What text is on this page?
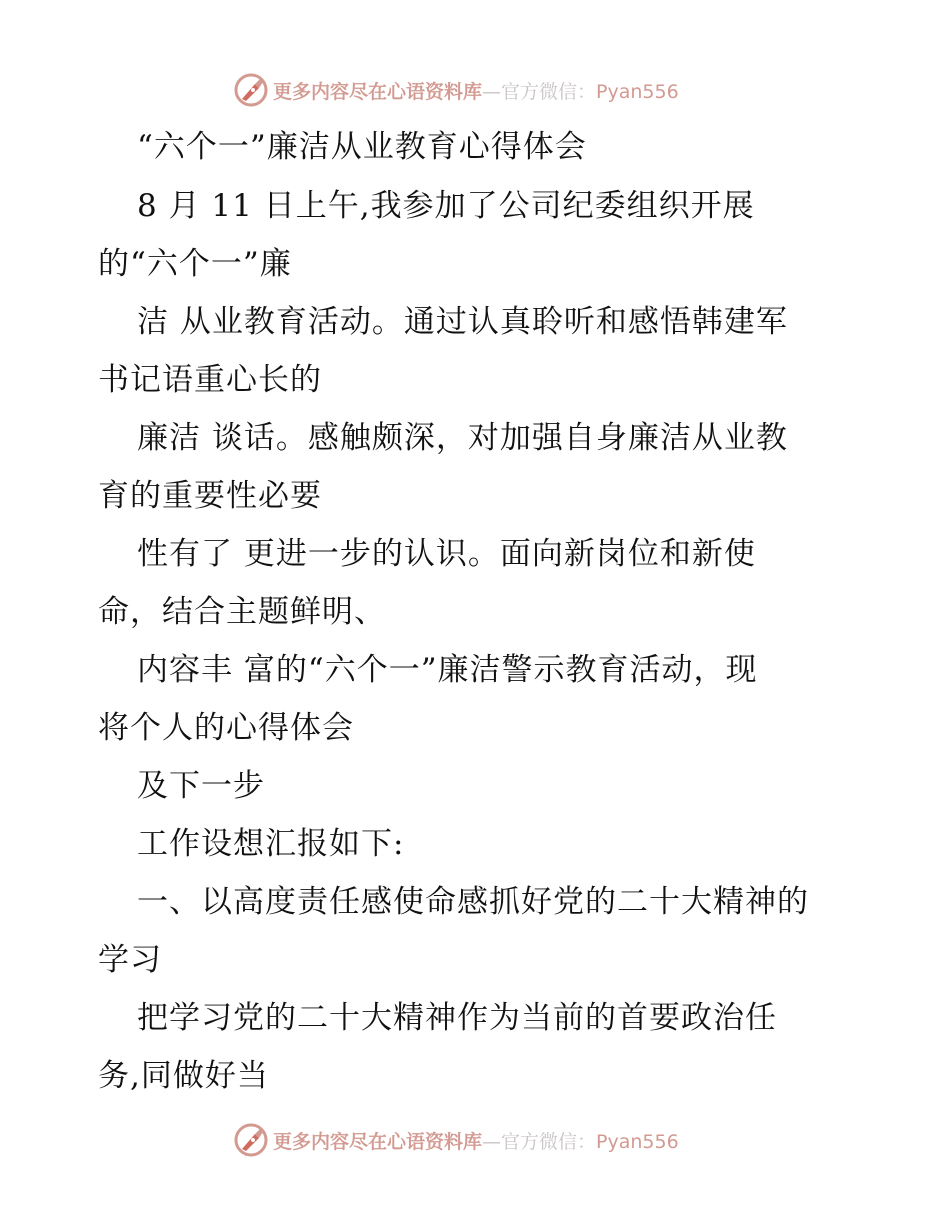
更多内容尽在心语资料库—官方微信：Pyan556
“六个一”廉洁从业教育心得体会
8 月 11 日上午,我参加了公司纪委组织开展
的“六个一”廉
洁 从业教育活动。通过认真聆听和感悟韩建军
书记语重心长的
廉洁 谈话。感触颇深，对加强自身廉洁从业教
育的重要性必要
性有了 更进一步的认识。面向新岗位和新使
命，结合主题鲜明、
内容丰 富的“六个一”廉洁警示教育活动，现
将个人的心得体会
及下一步
工作设想汇报如下:
一、以高度责任感使命感抓好党的二十大精神的
学习
把学习党的二十大精神作为当前的首要政治任
务,同做好当
更多内容尽在心语资料库—官方微信：Pyan556
